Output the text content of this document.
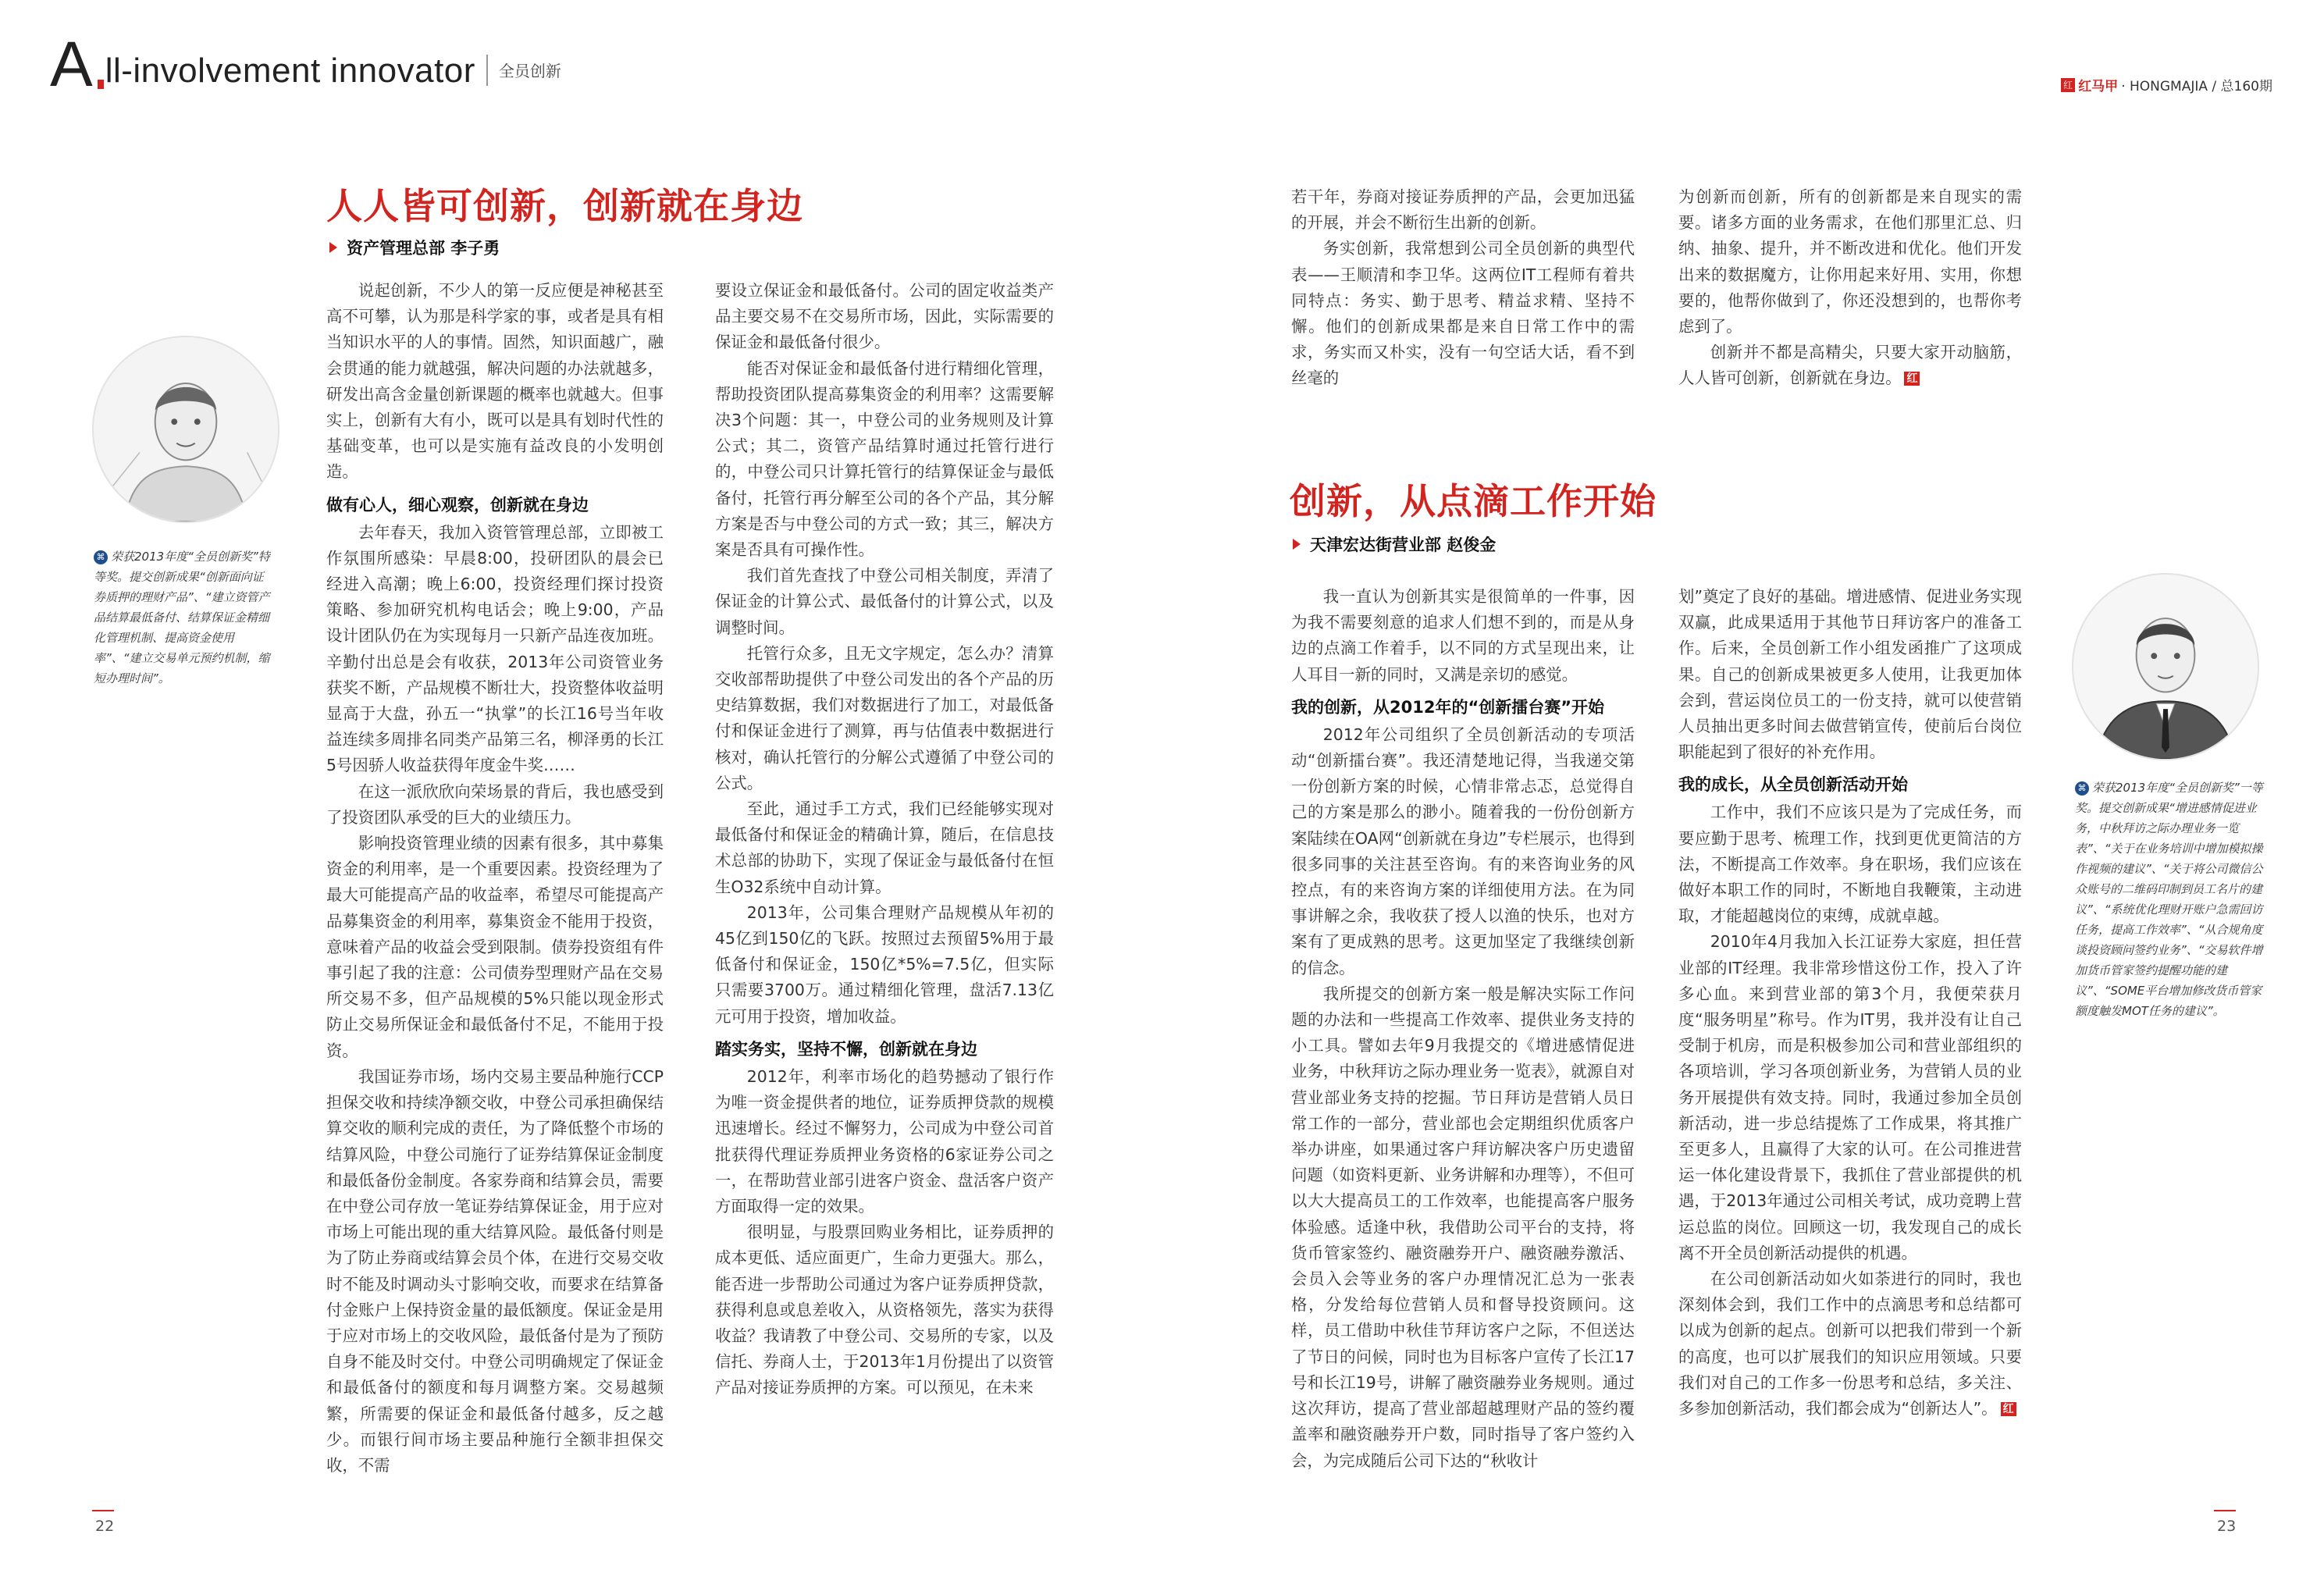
A ll-involvement innovator 全员创新
红 红马甲 · HONGMAJIA / 总160期
人人皆可创新，创新就在身边
资产管理总部 李子勇
⌘ 荣获2013年度“全员创新奖”特等奖。提交创新成果“创新面向证券质押的理财产品”、“建立资管产品结算最低备付、结算保证金精细化管理机制、提高资金使用率”、“建立交易单元预约机制，缩短办理时间”。

说起创新，不少人的第一反应便是神秘甚至高不可攀，认为那是科学家的事，或者是具有相当知识水平的人的事情。固然，知识面越广，融会贯通的能力就越强，解决问题的办法就越多，研发出高含金量创新课题的概率也就越大。但事实上，创新有大有小，既可以是具有划时代性的基础变革，也可以是实施有益改良的小发明创造。

做有心人，细心观察，创新就在身边

去年春天，我加入资管管理总部，立即被工作氛围所感染：早晨8:00，投研团队的晨会已经进入高潮；晚上6:00，投资经理们探讨投资策略、参加研究机构电话会；晚上9:00，产品设计团队仍在为实现每月一只新产品连夜加班。辛勤付出总是会有收获，2013年公司资管业务获奖不断，产品规模不断壮大，投资整体收益明显高于大盘，孙五一“执掌”的长江16号当年收益连续多周排名同类产品第三名，柳泽勇的长江5号因骄人收益获得年度金牛奖……

在这一派欣欣向荣场景的背后，我也感受到了投资团队承受的巨大的业绩压力。

影响投资管理业绩的因素有很多，其中募集资金的利用率，是一个重要因素。投资经理为了最大可能提高产品的收益率，希望尽可能提高产品募集资金的利用率，募集资金不能用于投资，意味着产品的收益会受到限制。债券投资组有件事引起了我的注意：公司债券型理财产品在交易所交易不多，但产品规模的5%只能以现金形式防止交易所保证金和最低备付不足，不能用于投资。

我国证券市场，场内交易主要品种施行CCP担保交收和持续净额交收，中登公司承担确保结算交收的顺利完成的责任，为了降低整个市场的结算风险，中登公司施行了证券结算保证金制度和最低备份金制度。各家券商和结算会员，需要在中登公司存放一笔证券结算保证金，用于应对市场上可能出现的重大结算风险。最低备付则是为了防止券商或结算会员个体，在进行交易交收时不能及时调动头寸影响交收，而要求在结算备付金账户上保持资金量的最低额度。保证金是用于应对市场上的交收风险，最低备付是为了预防自身不能及时交付。中登公司明确规定了保证金和最低备付的额度和每月调整方案。交易越频繁，所需要的保证金和最低备付越多，反之越少。而银行间市场主要品种施行全额非担保交收，不需

要设立保证金和最低备付。公司的固定收益类产品主要交易不在交易所市场，因此，实际需要的保证金和最低备付很少。

能否对保证金和最低备付进行精细化管理，帮助投资团队提高募集资金的利用率？这需要解决3个问题：其一，中登公司的业务规则及计算公式；其二，资管产品结算时通过托管行进行的，中登公司只计算托管行的结算保证金与最低备付，托管行再分解至公司的各个产品，其分解方案是否与中登公司的方式一致；其三，解决方案是否具有可操作性。

我们首先查找了中登公司相关制度，弄清了保证金的计算公式、最低备付的计算公式，以及调整时间。

托管行众多，且无文字规定，怎么办？清算交收部帮助提供了中登公司发出的各个产品的历史结算数据，我们对数据进行了加工，对最低备付和保证金进行了测算，再与估值表中数据进行核对，确认托管行的分解公式遵循了中登公司的公式。

至此，通过手工方式，我们已经能够实现对最低备付和保证金的精确计算，随后，在信息技术总部的协助下，实现了保证金与最低备付在恒生O32系统中自动计算。

2013年，公司集合理财产品规模从年初的45亿到150亿的飞跃。按照过去预留5%用于最低备付和保证金，150亿*5%=7.5亿，但实际只需要3700万。通过精细化管理，盘活7.13亿元可用于投资，增加收益。

踏实务实，坚持不懈，创新就在身边

2012年，利率市场化的趋势撼动了银行作为唯一资金提供者的地位，证券质押贷款的规模迅速增长。经过不懈努力，公司成为中登公司首批获得代理证券质押业务资格的6家证券公司之一，在帮助营业部引进客户资金、盘活客户资产方面取得一定的效果。

很明显，与股票回购业务相比，证券质押的成本更低、适应面更广，生命力更强大。那么，能否进一步帮助公司通过为客户证券质押贷款，获得利息或息差收入，从资格领先，落实为获得收益？我请教了中登公司、交易所的专家，以及信托、券商人士，于2013年1月份提出了以资管产品对接证券质押的方案。可以预见，在未来

若干年，券商对接证券质押的产品，会更加迅猛的开展，并会不断衍生出新的创新。

务实创新，我常想到公司全员创新的典型代表——王顺清和李卫华。这两位IT工程师有着共同特点：务实、勤于思考、精益求精、坚持不懈。他们的创新成果都是来自日常工作中的需求，务实而又朴实，没有一句空话大话，看不到丝毫的

为创新而创新，所有的创新都是来自现实的需要。诸多方面的业务需求，在他们那里汇总、归纳、抽象、提升，并不断改进和优化。他们开发出来的数据魔方，让你用起来好用、实用，你想要的，他帮你做到了，你还没想到的，也帮你考虑到了。

创新并不都是高精尖，只要大家开动脑筋，人人皆可创新，创新就在身边。 红

创新，从点滴工作开始
天津宏达街营业部 赵俊金

我一直认为创新其实是很简单的一件事，因为我不需要刻意的追求人们想不到的，而是从身边的点滴工作着手，以不同的方式呈现出来，让人耳目一新的同时，又满是亲切的感觉。

我的创新，从2012年的“创新擂台赛”开始

2012年公司组织了全员创新活动的专项活动“创新擂台赛”。我还清楚地记得，当我递交第一份创新方案的时候，心情非常忐忑，总觉得自己的方案是那么的渺小。随着我的一份份创新方案陆续在OA网“创新就在身边”专栏展示，也得到很多同事的关注甚至咨询。有的来咨询业务的风控点，有的来咨询方案的详细使用方法。在为同事讲解之余，我收获了授人以渔的快乐，也对方案有了更成熟的思考。这更加坚定了我继续创新的信念。

我所提交的创新方案一般是解决实际工作问题的办法和一些提高工作效率、提供业务支持的小工具。譬如去年9月我提交的《增进感情促进业务，中秋拜访之际办理业务一览表》，就源自对营业部业务支持的挖掘。节日拜访是营销人员日常工作的一部分，营业部也会定期组织优质客户举办讲座，如果通过客户拜访解决客户历史遗留问题（如资料更新、业务讲解和办理等），不但可以大大提高员工的工作效率，也能提高客户服务体验感。适逢中秋，我借助公司平台的支持，将货币管家签约、融资融券开户、融资融券激活、会员入会等业务的客户办理情况汇总为一张表格，分发给每位营销人员和督导投资顾问。这样，员工借助中秋佳节拜访客户之际，不但送达了节日的问候，同时也为目标客户宣传了长江17号和长江19号，讲解了融资融券业务规则。通过这次拜访，提高了营业部超越理财产品的签约覆盖率和融资融券开户数，同时指导了客户签约入会，为完成随后公司下达的“秋收计

划”奠定了良好的基础。增进感情、促进业务实现双赢，此成果适用于其他节日拜访客户的准备工作。后来，全员创新工作小组发函推广了这项成果。自己的创新成果被更多人使用，让我更加体会到，营运岗位员工的一份支持，就可以使营销人员抽出更多时间去做营销宣传，使前后台岗位职能起到了很好的补充作用。

我的成长，从全员创新活动开始

工作中，我们不应该只是为了完成任务，而要应勤于思考、梳理工作，找到更优更简洁的方法，不断提高工作效率。身在职场，我们应该在做好本职工作的同时，不断地自我鞭策，主动进取，才能超越岗位的束缚，成就卓越。

2010年4月我加入长江证券大家庭，担任营业部的IT经理。我非常珍惜这份工作，投入了许多心血。来到营业部的第3个月，我便荣获月度“服务明星”称号。作为IT男，我并没有让自己受制于机房，而是积极参加公司和营业部组织的各项培训，学习各项创新业务，为营销人员的业务开展提供有效支持。同时，我通过参加全员创新活动，进一步总结提炼了工作成果，将其推广至更多人，且赢得了大家的认可。在公司推进营运一体化建设背景下，我抓住了营业部提供的机遇，于2013年通过公司相关考试，成功竞聘上营运总监的岗位。回顾这一切，我发现自己的成长离不开全员创新活动提供的机遇。

在公司创新活动如火如荼进行的同时，我也深刻体会到，我们工作中的点滴思考和总结都可以成为创新的起点。创新可以把我们带到一个新的高度，也可以扩展我们的知识应用领域。只要我们对自己的工作多一份思考和总结，多关注、多参加创新活动，我们都会成为“创新达人”。 红

⌘ 荣获2013年度“全员创新奖”一等奖。提交创新成果“增进感情促进业务，中秋拜访之际办理业务一览表”、“关于在业务培训中增加模拟操作视频的建议”、“关于将公司微信公众账号的二维码印制到员工名片的建议”、“系统优化理财开账户急需回访任务，提高工作效率”、“从合规角度谈投资顾问签约业务”、“交易软件增加货币管家签约提醒功能的建议”、“SOME平台增加修改货币管家额度触发MOT任务的建议”。
22	23
